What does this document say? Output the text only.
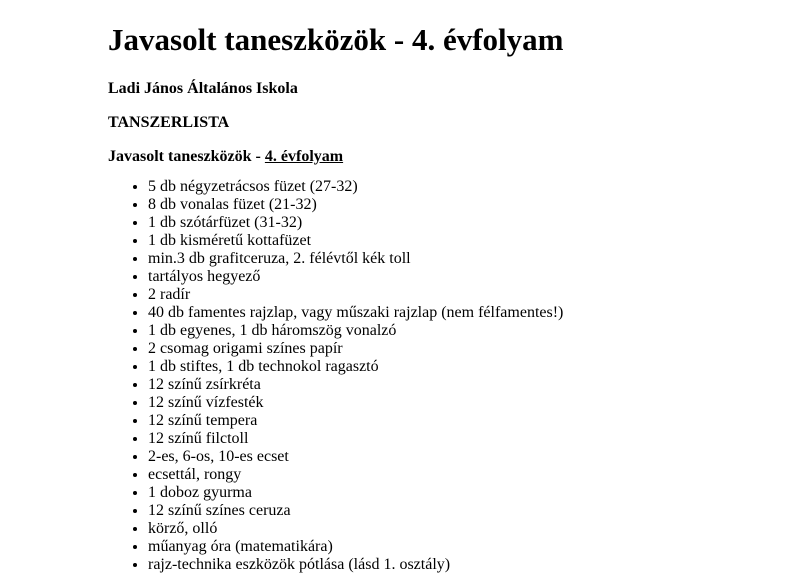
Javasolt taneszközök - 4. évfolyam

Ladi János Általános Iskola

TANSZERLISTA

Javasolt taneszközök - 4. évfolyam

• 5 db négyzetrácsos füzet (27-32)
• 8 db vonalas füzet (21-32)
• 1 db szótárfüzet (31-32)
• 1 db kisméretű kottafüzet
• min.3 db grafitceruza, 2. félévtől kék toll
• tartályos hegyező
• 2 radír
• 40 db famentes rajzlap, vagy műszaki rajzlap (nem félfamentes!)
• 1 db egyenes, 1 db háromszög vonalzó
• 2 csomag origami színes papír
• 1 db stiftes, 1 db technokol ragasztó
• 12 színű zsírkréta
• 12 színű vízfesték
• 12 színű tempera
• 12 színű filctoll
• 2-es, 6-os, 10-es ecset
• ecsettál, rongy
• 1 doboz gyurma
• 12 színű színes ceruza
• körző, olló
• műanyag óra (matematikára)
• rajz-technika eszközök pótlása (lásd 1. osztály)
